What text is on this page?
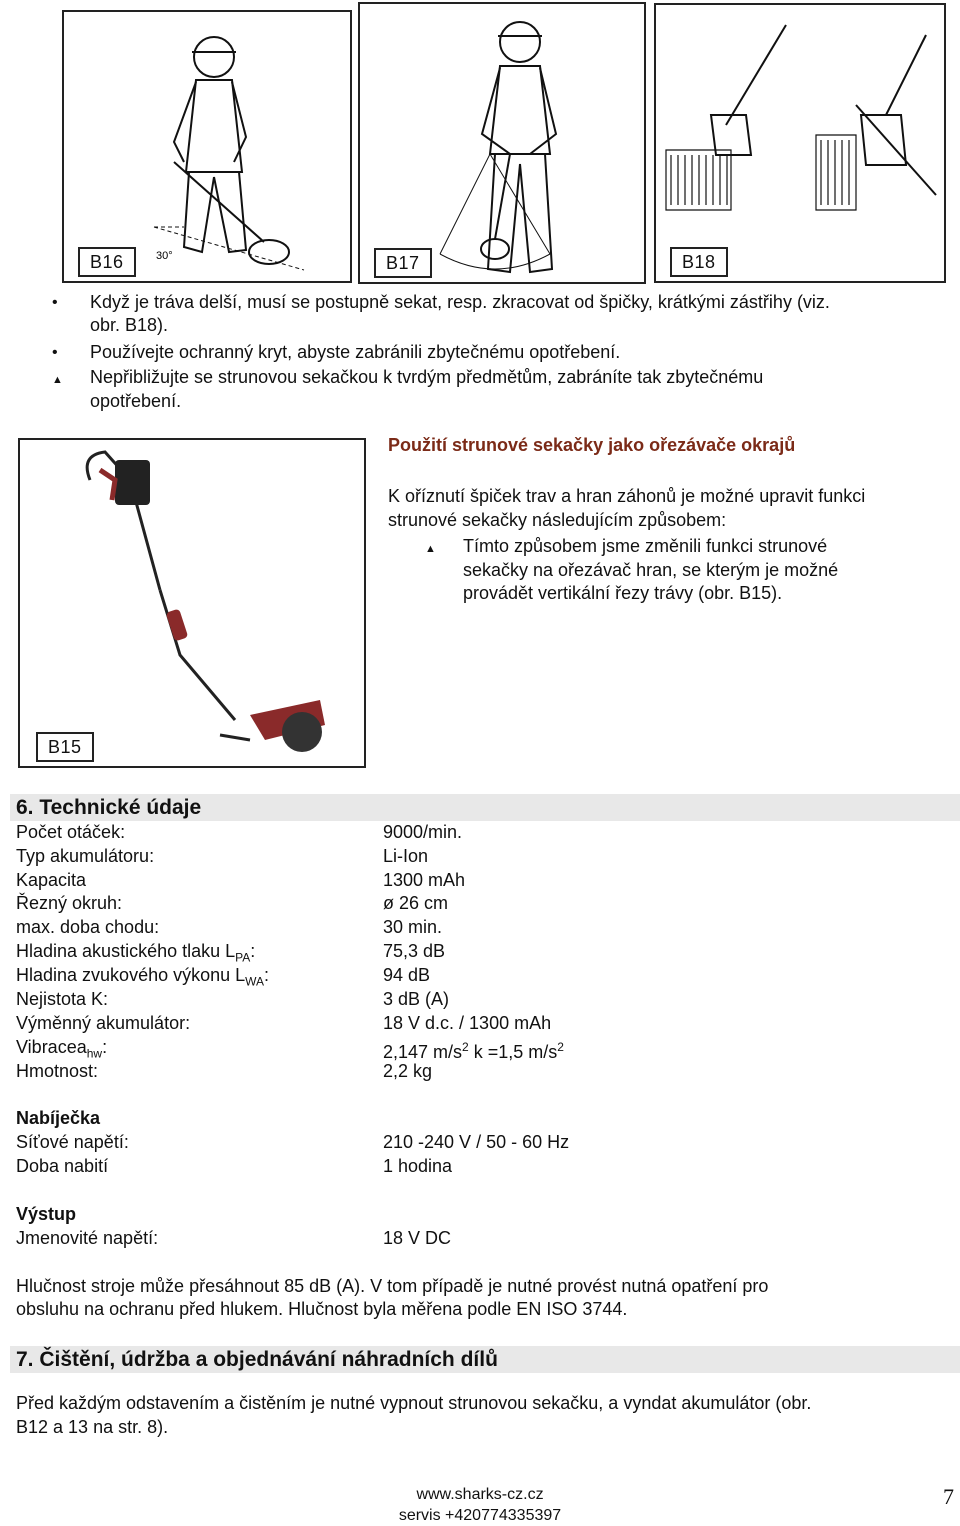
30°
B16	B17	B18
• Když je tráva delší, musí se postupně sekat, resp. zkracovat od špičky, krátkými zástřihy (viz.
obr. B18).
• Používejte ochranný kryt, abyste zabránili zbytečnému opotřebení.
▲ Nepřibližujte se strunovou sekačkou k tvrdým předmětům, zabráníte tak zbytečnému
opotřebení.
B15
Použití strunové sekačky jako ořezávače okrajů
K oříznutí špiček trav a hran záhonů je možné upravit funkci
strunové sekačky následujícím způsobem:
▲ Tímto způsobem jsme změnili funkci strunové
sekačky na ořezávač hran, se kterým je možné
provádět vertikální řezy trávy (obr. B15).
6. Technické údaje
Počet otáček:	9000/min.
Typ akumulátoru:	Li-Ion
Kapacita	1300 mAh
Řezný okruh:	ø 26 cm
max. doba chodu:	30 min.
Hladina akustického tlaku $L_{PA}$:	75,3 dB
Hladina zvukového výkonu $L_{WA}$:	94 dB
Nejistota K:	3 dB (A)
Výměnný akumulátor:	18 V d.c. / 1300 mAh
Vibracea$_{hw}$:	2,147 $m/s^2$ k =1,5 $m/s^2$
Hmotnost:	2,2 kg
Nabíječka
Síťové napětí:	210 -240 V / 50 - 60 Hz
Doba nabití	1 hodina
Výstup
Jmenovité napětí:	18 V DC
Hlučnost stroje může přesáhnout 85 dB (A). V tom případě je nutné provést nutná opatření pro
obsluhu na ochranu před hlukem. Hlučnost byla měřena podle EN ISO 3744.
7. Čištění, údržba a objednávání náhradních dílů
Před každým odstavením a čistěním je nutné vypnout strunovou sekačku, a vyndat akumulátor (obr.
B12 a 13 na str. 8).
www.sharks-cz.cz
servis +420774335397
7
